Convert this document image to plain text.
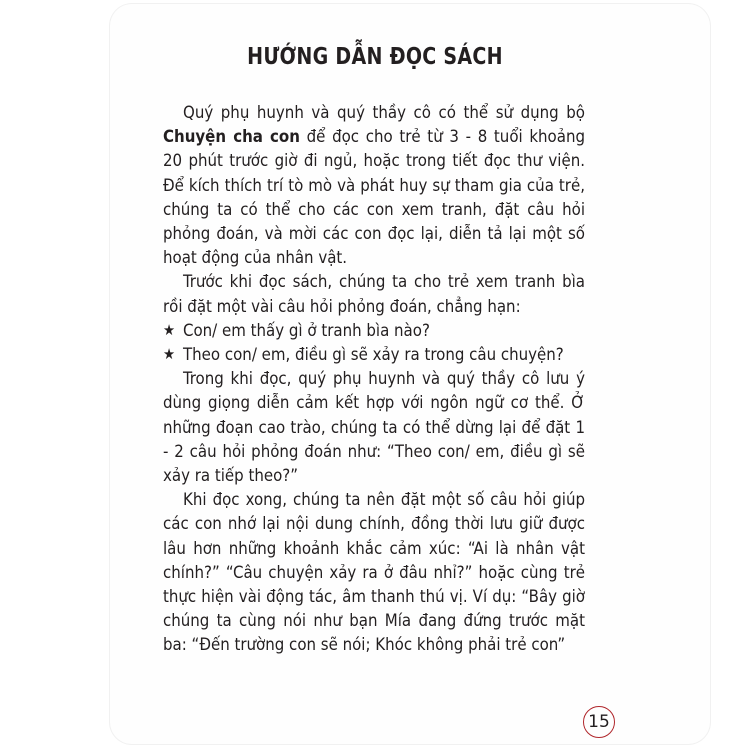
HƯỚNG DẪN ĐỌC SÁCH

Quý phụ huynh và quý thầy cô có thể sử dụng bộ Chuyện cha con để đọc cho trẻ từ 3 - 8 tuổi khoảng 20 phút trước giờ đi ngủ, hoặc trong tiết đọc thư viện. Để kích thích trí tò mò và phát huy sự tham gia của trẻ, chúng ta có thể cho các con xem tranh, đặt câu hỏi phỏng đoán, và mời các con đọc lại, diễn tả lại một số hoạt động của nhân vật.

Trước khi đọc sách, chúng ta cho trẻ xem tranh bìa rồi đặt một vài câu hỏi phỏng đoán, chẳng hạn:

★ Con/ em thấy gì ở tranh bìa nào?

★ Theo con/ em, điều gì sẽ xảy ra trong câu chuyện?

Trong khi đọc, quý phụ huynh và quý thầy cô lưu ý dùng giọng diễn cảm kết hợp với ngôn ngữ cơ thể. Ở những đoạn cao trào, chúng ta có thể dừng lại để đặt 1 - 2 câu hỏi phỏng đoán như: “Theo con/ em, điều gì sẽ xảy ra tiếp theo?”

Khi đọc xong, chúng ta nên đặt một số câu hỏi giúp các con nhớ lại nội dung chính, đồng thời lưu giữ được lâu hơn những khoảnh khắc cảm xúc: “Ai là nhân vật chính?” “Câu chuyện xảy ra ở đâu nhỉ?” hoặc cùng trẻ thực hiện vài động tác, âm thanh thú vị. Ví dụ: “Bây giờ chúng ta cùng nói như bạn Mía đang đứng trước mặt ba: “Đến trường con sẽ nói; Khóc không phải trẻ con”

15
